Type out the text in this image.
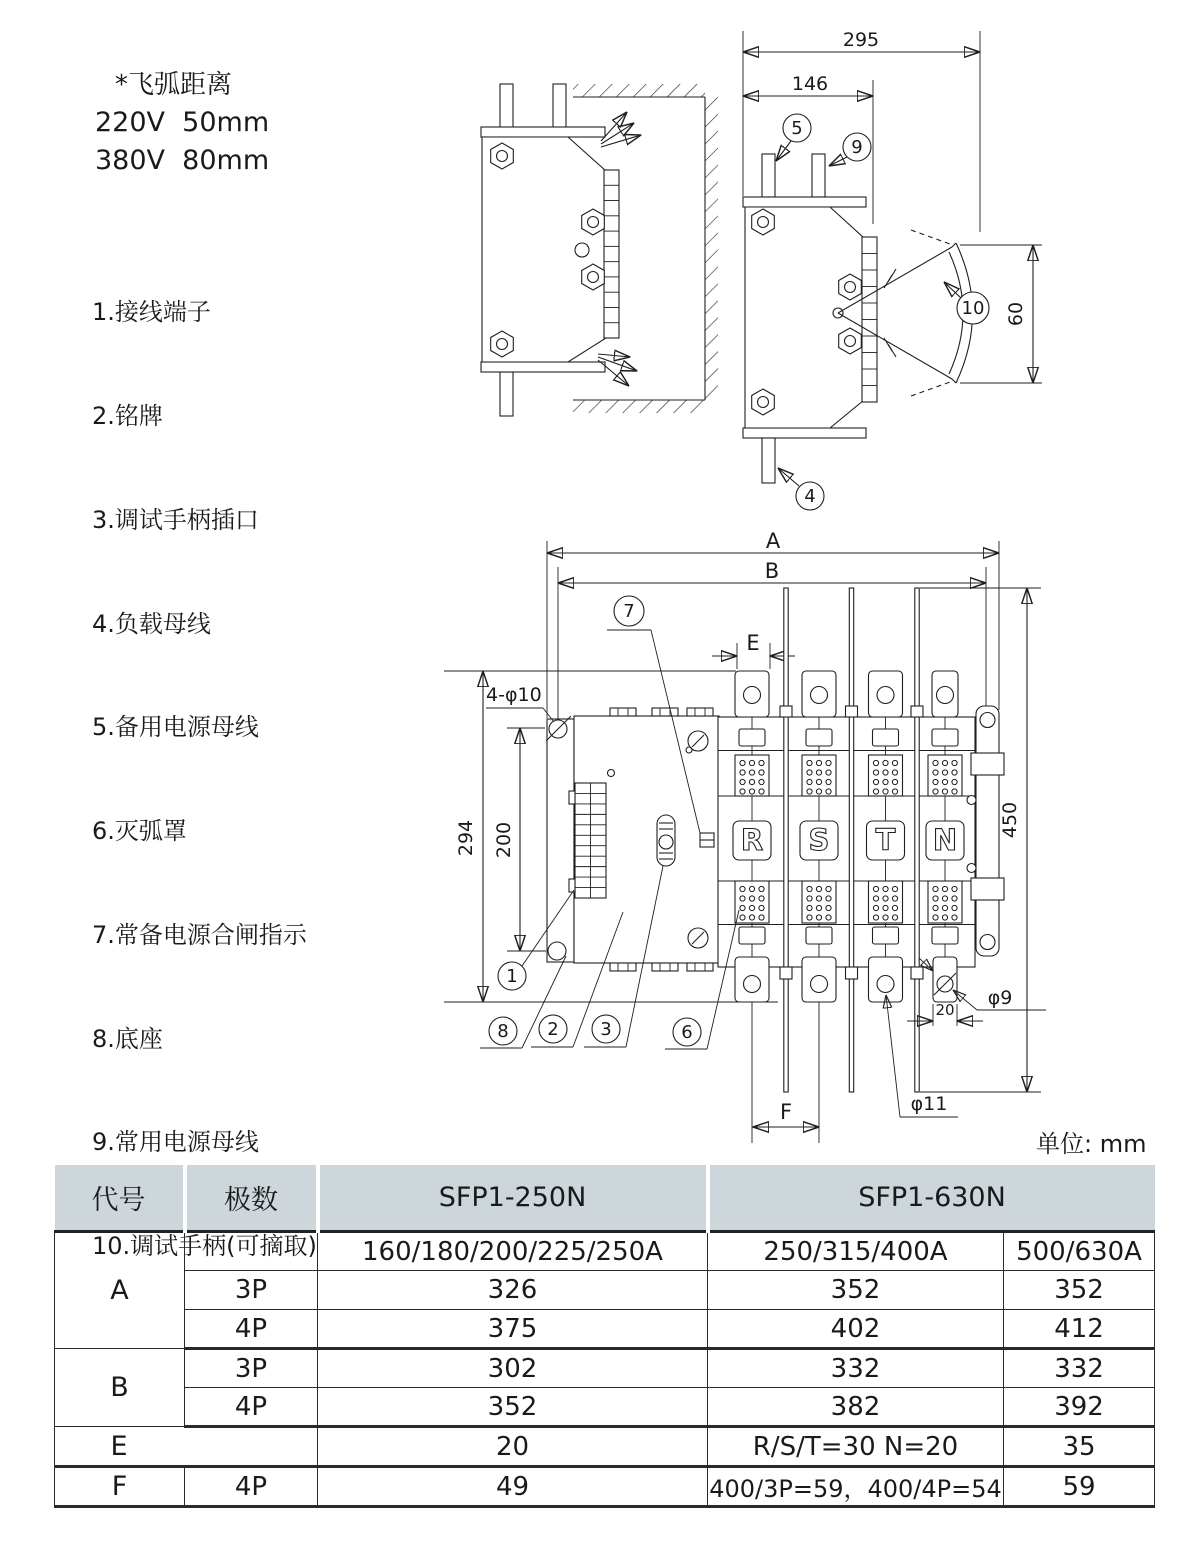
*飞弧距离
220V  50mm
380V  80mm

1.接线端子

2.铭牌

3.调试手柄插口

4.负载母线

5.备用电源母线

6.灭弧罩

7.常备电源合闸指示

8.底座

9.常用电源母线

10.调试手柄(可摘取)

295
146
60
5
9
10
4
A
B
E
294 200
450
R S T N
4-φ10
20
φ9
φ11
F
7
1
8 2 3	6
单位: mm
代号	极数	SFP1-250N	SFP1-630N	
A		160/180/200/225/250A	250/315/400A	500/630A
	3P	326	352	352
	4P	375	402	412
B	3P	302	332	332
	4P	352	382	392
E		20	R/S/T=30 N=20	35
F	4P	49	400/3P=59，400/4P=54	59
